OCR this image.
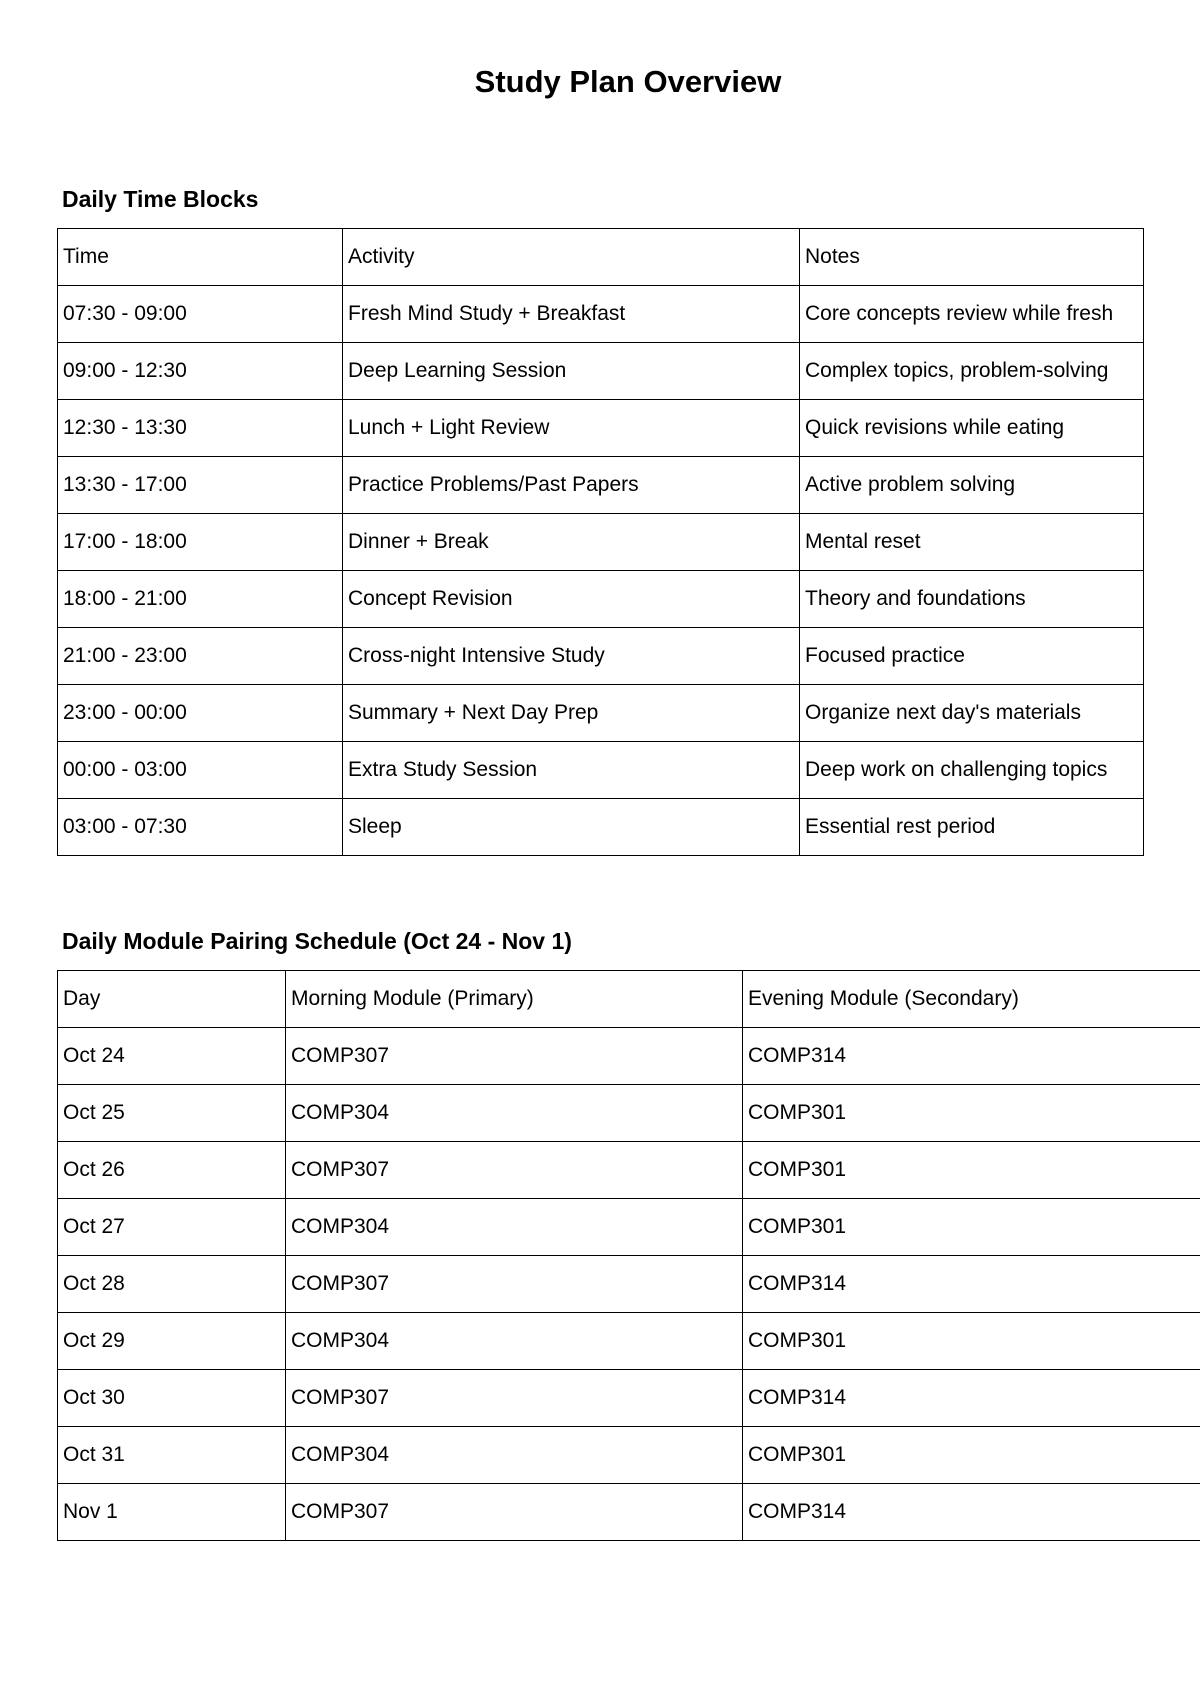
Study Plan Overview
Daily Time Blocks
Time	Activity	Notes
07:30 - 09:00	Fresh Mind Study + Breakfast	Core concepts review while fresh
09:00 - 12:30	Deep Learning Session	Complex topics, problem-solving
12:30 - 13:30	Lunch + Light Review	Quick revisions while eating
13:30 - 17:00	Practice Problems/Past Papers	Active problem solving
17:00 - 18:00	Dinner + Break	Mental reset
18:00 - 21:00	Concept Revision	Theory and foundations
21:00 - 23:00	Cross-night Intensive Study	Focused practice
23:00 - 00:00	Summary + Next Day Prep	Organize next day's materials
00:00 - 03:00	Extra Study Session	Deep work on challenging topics
03:00 - 07:30	Sleep	Essential rest period
Daily Module Pairing Schedule (Oct 24 - Nov 1)
Day	Morning Module (Primary)	Evening Module (Secondary)
Oct 24	COMP307	COMP314
Oct 25	COMP304	COMP301
Oct 26	COMP307	COMP301
Oct 27	COMP304	COMP301
Oct 28	COMP307	COMP314
Oct 29	COMP304	COMP301
Oct 30	COMP307	COMP314
Oct 31	COMP304	COMP301
Nov 1	COMP307	COMP314
